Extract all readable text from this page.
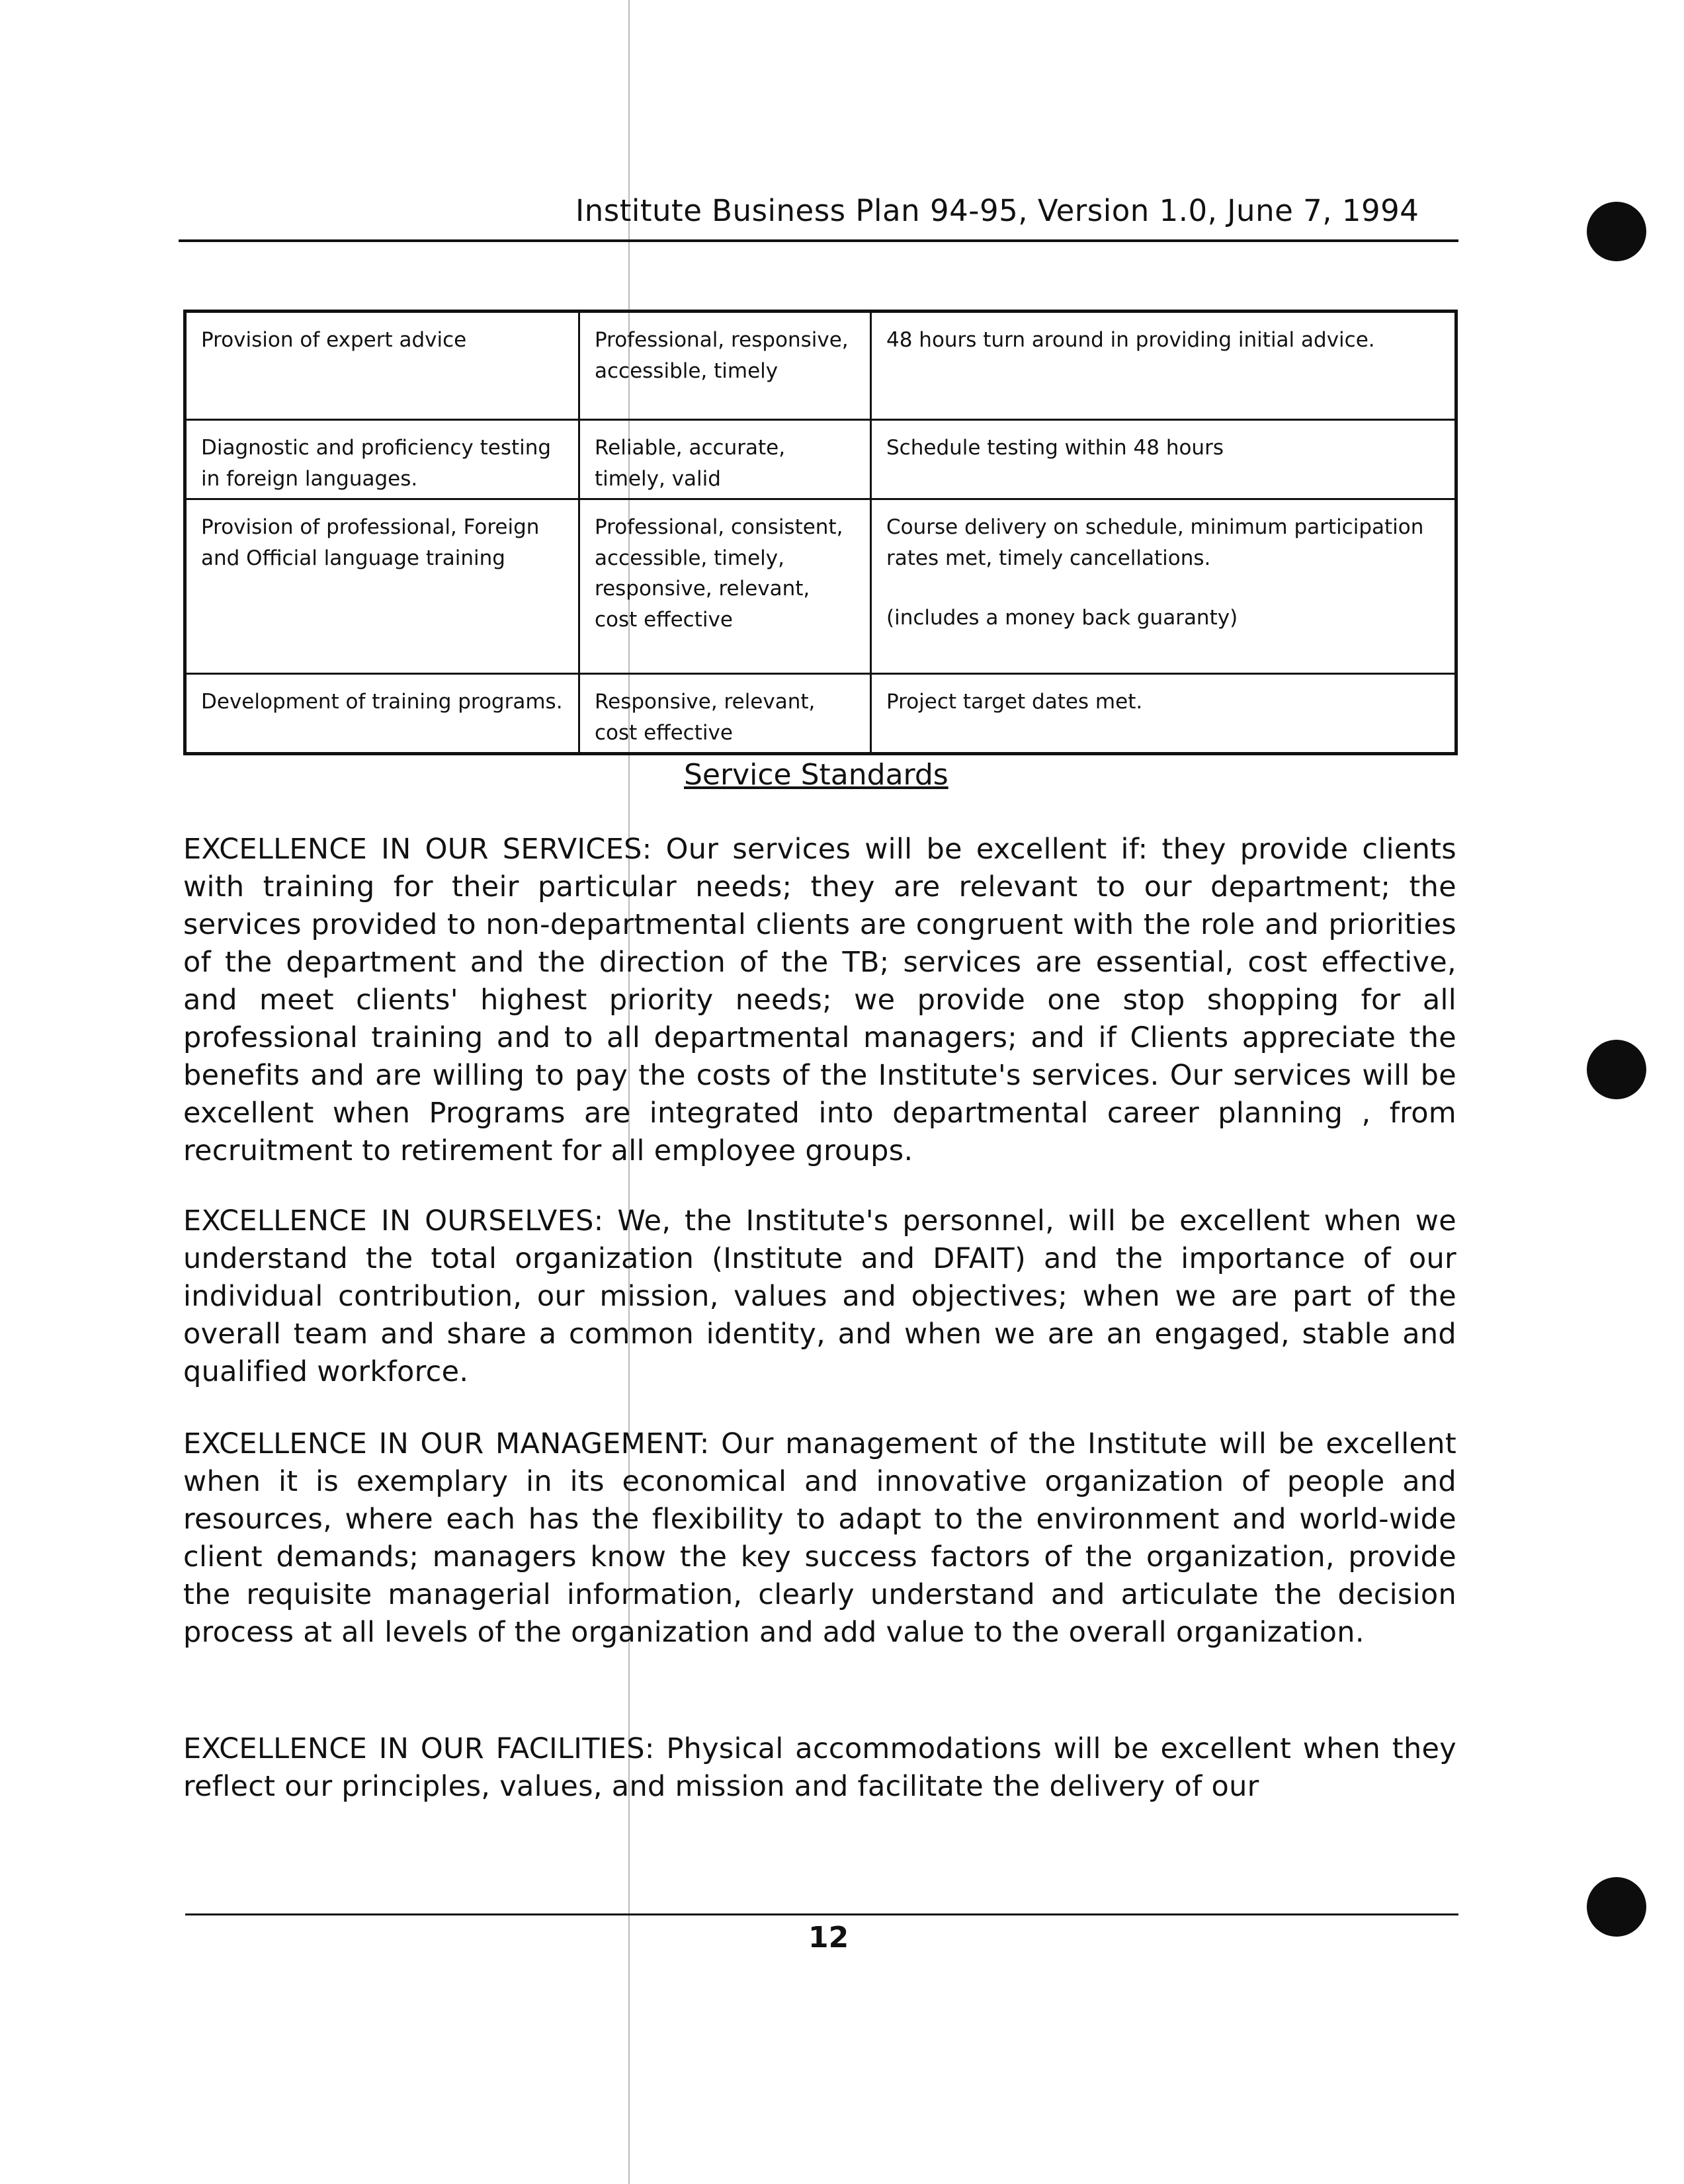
Institute Business Plan 94-95, Version 1.0, June 7, 1994
Provision of expert advice	Professional, responsive, accessible, timely	48 hours turn around in providing initial advice.
Diagnostic and proficiency testing in foreign languages.	Reliable, accurate, timely, valid	Schedule testing within 48 hours
Provision of professional, Foreign and Official language training	Professional, consistent, accessible, timely, responsive, relevant, cost effective	Course delivery on schedule, minimum participation rates met, timely cancellations.
(includes a money back guaranty)

Development of training programs.	Responsive, relevant, cost effective	Project target dates met.
Service Standards

EXCELLENCE IN OUR SERVICES: Our services will be excellent if: they provide clients with training for their particular needs; they are relevant to our department; the services provided to non-departmental clients are congruent with the role and priorities of the department and the direction of the TB; services are essential, cost effective, and meet clients' highest priority needs; we provide one stop shopping for all professional training and to all departmental managers; and if Clients appreciate the benefits and are willing to pay the costs of the Institute's services. Our services will be excellent when Programs are integrated into departmental career planning , from recruitment to retirement for all employee groups.

EXCELLENCE IN OURSELVES: We, the Institute's personnel, will be excellent when we understand the total organization (Institute and DFAIT) and the importance of our individual contribution, our mission, values and objectives; when we are part of the overall team and share a common identity, and when we are an engaged, stable and qualified workforce.

EXCELLENCE IN OUR MANAGEMENT: Our management of the Institute will be excellent when it is exemplary in its economical and innovative organization of people and resources, where each has the flexibility to adapt to the environment and world-wide client demands; managers know the key success factors of the organization, provide the requisite managerial information, clearly understand and articulate the decision process at all levels of the organization and add value to the overall organization.

EXCELLENCE IN OUR FACILITIES: Physical accommodations will be excellent when they reflect our principles, values, and mission and facilitate the delivery of our

12
